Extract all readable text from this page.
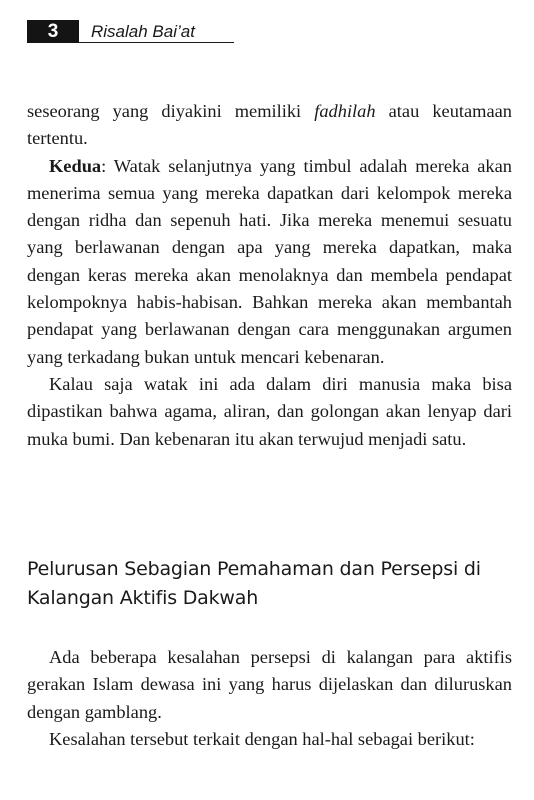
3	Risalah Bai’at

seseorang yang diyakini memiliki fadhilah atau keutamaan tertentu.

Kedua: Watak selanjutnya yang timbul adalah mereka akan menerima semua yang mereka dapatkan dari kelompok mereka dengan ridha dan sepenuh hati. Jika mereka menemui sesuatu yang berlawanan dengan apa yang mereka dapatkan, maka dengan keras mereka akan menolaknya dan membela pendapat kelompoknya habis-habisan. Bahkan mereka akan membantah pendapat yang berlawanan dengan cara menggunakan argumen yang terkadang bukan untuk mencari kebenaran.

Kalau saja watak ini ada dalam diri manusia maka bisa dipastikan bahwa agama, aliran, dan golongan akan lenyap dari muka bumi. Dan kebenaran itu akan terwujud menjadi satu.

Pelurusan Sebagian Pemahaman dan Persepsi di Kalangan Aktifis Dakwah

Ada beberapa kesalahan persepsi di kalangan para aktifis gerakan Islam dewasa ini yang harus dijelaskan dan diluruskan dengan gamblang.

Kesalahan tersebut terkait dengan hal-hal sebagai berikut:
